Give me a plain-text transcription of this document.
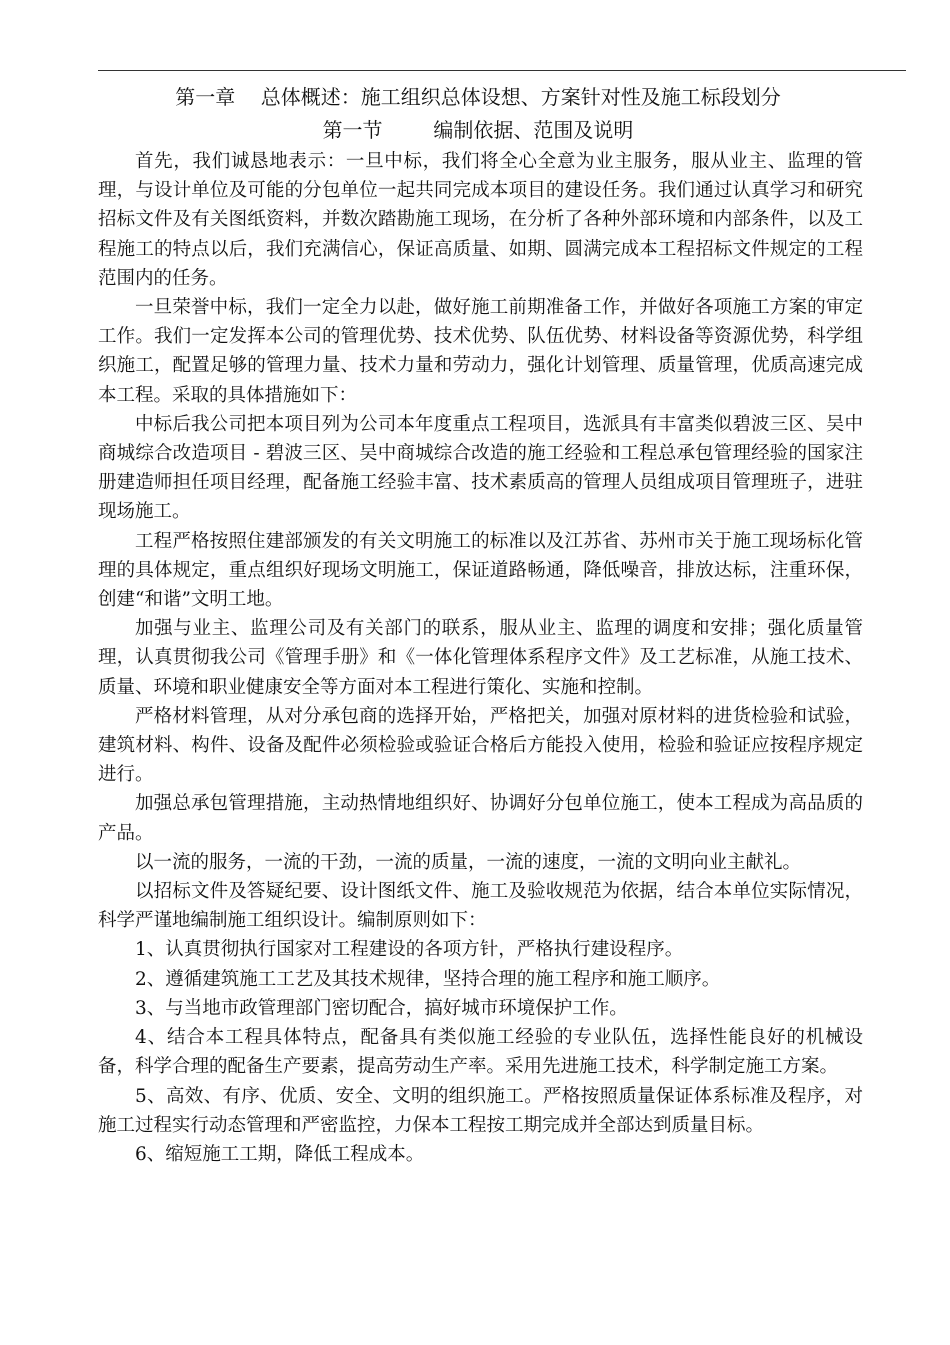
第一章    总体概述：施工组织总体设想、方案针对性及施工标段划分
第一节        编制依据、范围及说明

首先，我们诚恳地表示：一旦中标，我们将全心全意为业主服务，服从业主、监理的管理，与设计单位及可能的分包单位一起共同完成本项目的建设任务。我们通过认真学习和研究招标文件及有关图纸资料，并数次踏勘施工现场，在分析了各种外部环境和内部条件，以及工程施工的特点以后，我们充满信心，保证高质量、如期、圆满完成本工程招标文件规定的工程范围内的任务。

一旦荣誉中标，我们一定全力以赴，做好施工前期准备工作，并做好各项施工方案的审定工作。我们一定发挥本公司的管理优势、技术优势、队伍优势、材料设备等资源优势，科学组织施工，配置足够的管理力量、技术力量和劳动力，强化计划管理、质量管理，优质高速完成本工程。采取的具体措施如下：

中标后我公司把本项目列为公司本年度重点工程项目，选派具有丰富类似碧波三区、吴中商城综合改造项目 - 碧波三区、吴中商城综合改造的施工经验和工程总承包管理经验的国家注册建造师担任项目经理，配备施工经验丰富、技术素质高的管理人员组成项目管理班子，进驻现场施工。

工程严格按照住建部颁发的有关文明施工的标准以及江苏省、苏州市关于施工现场标化管理的具体规定，重点组织好现场文明施工，保证道路畅通，降低噪音，排放达标，注重环保，创建“和谐”文明工地。

加强与业主、监理公司及有关部门的联系，服从业主、监理的调度和安排；强化质量管理，认真贯彻我公司《管理手册》和《一体化管理体系程序文件》及工艺标准，从施工技术、质量、环境和职业健康安全等方面对本工程进行策化、实施和控制。

严格材料管理，从对分承包商的选择开始，严格把关，加强对原材料的进货检验和试验，建筑材料、构件、设备及配件必须检验或验证合格后方能投入使用，检验和验证应按程序规定进行。

加强总承包管理措施，主动热情地组织好、协调好分包单位施工，使本工程成为高品质的产品。

以一流的服务，一流的干劲，一流的质量，一流的速度，一流的文明向业主献礼。

以招标文件及答疑纪要、设计图纸文件、施工及验收规范为依据，结合本单位实际情况，科学严谨地编制施工组织设计。编制原则如下：

1、认真贯彻执行国家对工程建设的各项方针，严格执行建设程序。

2、遵循建筑施工工艺及其技术规律，坚持合理的施工程序和施工顺序。

3、与当地市政管理部门密切配合，搞好城市环境保护工作。

4、结合本工程具体特点，配备具有类似施工经验的专业队伍，选择性能良好的机械设备，科学合理的配备生产要素，提高劳动生产率。采用先进施工技术，科学制定施工方案。

5、高效、有序、优质、安全、文明的组织施工。严格按照质量保证体系标准及程序，对施工过程实行动态管理和严密监控，力保本工程按工期完成并全部达到质量目标。

6、缩短施工工期，降低工程成本。
